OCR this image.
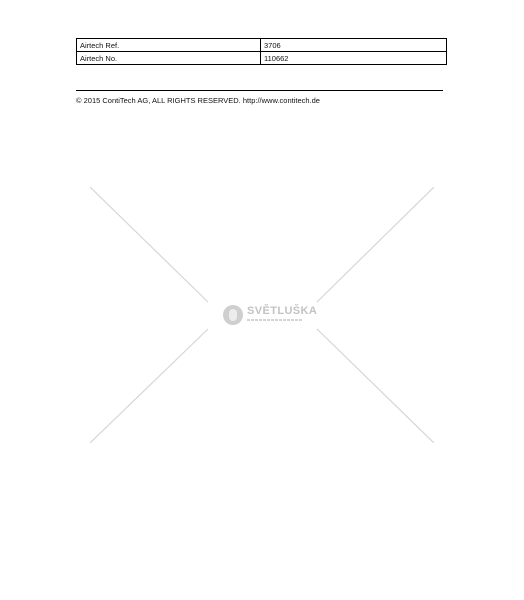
Airtech Ref.	3706
Airtech No.	110662
© 2015 ContiTech AG, ALL RIGHTS RESERVED. http://www.contitech.de
SVĚTLUŠKA
